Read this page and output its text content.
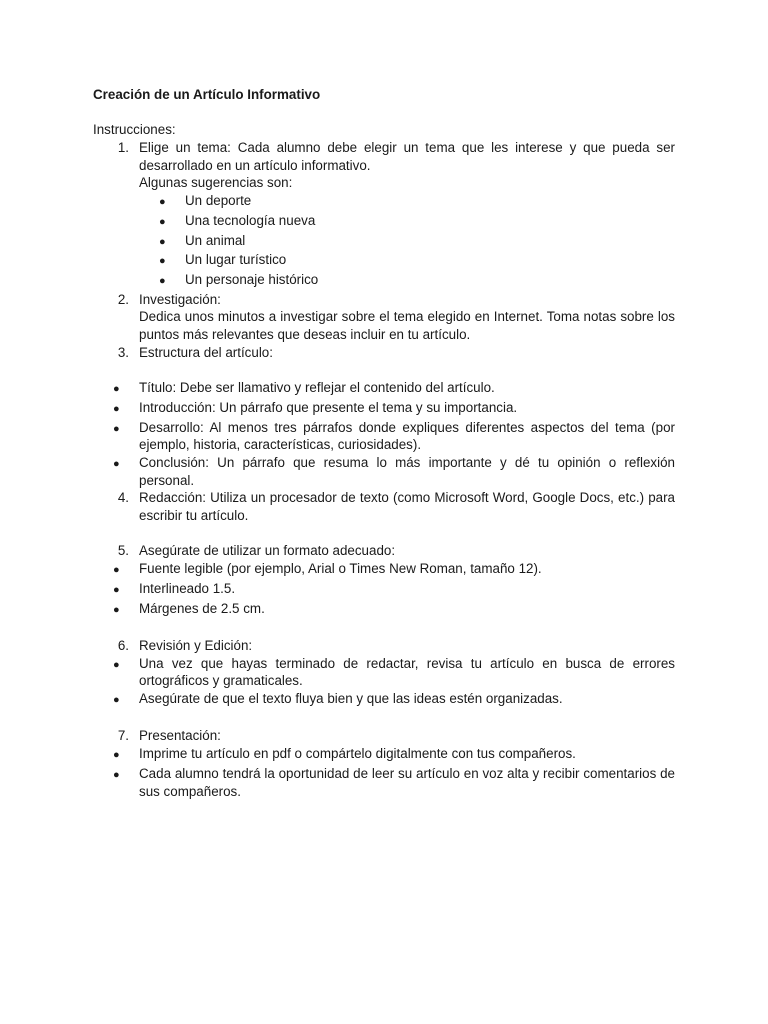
Creación de un Artículo Informativo
Instrucciones:
1. Elige un tema: Cada alumno debe elegir un tema que les interese y que pueda ser desarrollado en un artículo informativo.
Algunas sugerencias son:
●	Un deporte
●	Una tecnología nueva
●	Un animal
●	Un lugar turístico
●	Un personaje histórico
2. Investigación:
Dedica unos minutos a investigar sobre el tema elegido en Internet. Toma notas sobre los puntos más relevantes que deseas incluir en tu artículo.
3. Estructura del artículo:
●	Título: Debe ser llamativo y reflejar el contenido del artículo.
●	Introducción: Un párrafo que presente el tema y su importancia.
●	Desarrollo: Al menos tres párrafos donde expliques diferentes aspectos del tema (por ejemplo, historia, características, curiosidades).
●	Conclusión: Un párrafo que resuma lo más importante y dé tu opinión o reflexión personal.
4. Redacción: Utiliza un procesador de texto (como Microsoft Word, Google Docs, etc.) para escribir tu artículo.
5. Asegúrate de utilizar un formato adecuado:
●	Fuente legible (por ejemplo, Arial o Times New Roman, tamaño 12).
●	Interlineado 1.5.
●	Márgenes de 2.5 cm.
6. Revisión y Edición:
●	Una vez que hayas terminado de redactar, revisa tu artículo en busca de errores ortográficos y gramaticales.
●	Asegúrate de que el texto fluya bien y que las ideas estén organizadas.
7. Presentación:
●	Imprime tu artículo en pdf o compártelo digitalmente con tus compañeros.
●	Cada alumno tendrá la oportunidad de leer su artículo en voz alta y recibir comentarios de sus compañeros.
